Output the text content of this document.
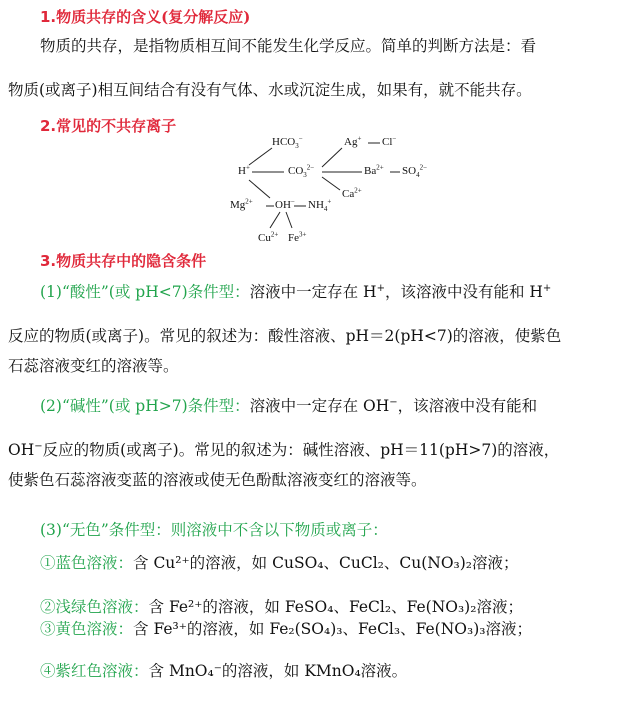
1.物质共存的含义(复分解反应)
物质的共存，是指物质相互间不能发生化学反应。简单的判断方法是：看
物质(或离子)相互间结合有没有气体、水或沉淀生成，如果有，就不能共存。
2.常见的不共存离子
$HCO_3^-$	Ag+ Cl−
H+	$CO_3^{2-}$	$Ba^{2+}$ $SO_4^{2-}$
$Ca^{2+}$
$Mg^{2+}$ OH− $NH_4^+$
$Cu^{2+}$ $Fe^{3+}$
3.物质共存中的隐含条件
(1)“酸性”(或 pH<7)条件型：溶液中一定存在 H+，该溶液中没有能和 H+
反应的物质(或离子)。常见的叙述为：酸性溶液、pH＝2(pH<7)的溶液，使紫色
石蕊溶液变红的溶液等。
(2)“碱性”(或 pH>7)条件型：溶液中一定存在 OH−，该溶液中没有能和
OH−反应的物质(或离子)。常见的叙述为：碱性溶液、pH＝11(pH>7)的溶液，
使紫色石蕊溶液变蓝的溶液或使无色酚酞溶液变红的溶液等。
(3)“无色”条件型：则溶液中不含以下物质或离子：
①蓝色溶液：含 Cu²⁺的溶液，如 CuSO₄、CuCl₂、Cu(NO₃)₂溶液；
②浅绿色溶液：含 Fe²⁺的溶液，如 FeSO₄、FeCl₂、Fe(NO₃)₂溶液；
③黄色溶液：含 Fe³⁺的溶液，如 Fe₂(SO₄)₃、FeCl₃、Fe(NO₃)₃溶液；
④紫红色溶液：含 MnO₄⁻的溶液，如 KMnO₄溶液。
